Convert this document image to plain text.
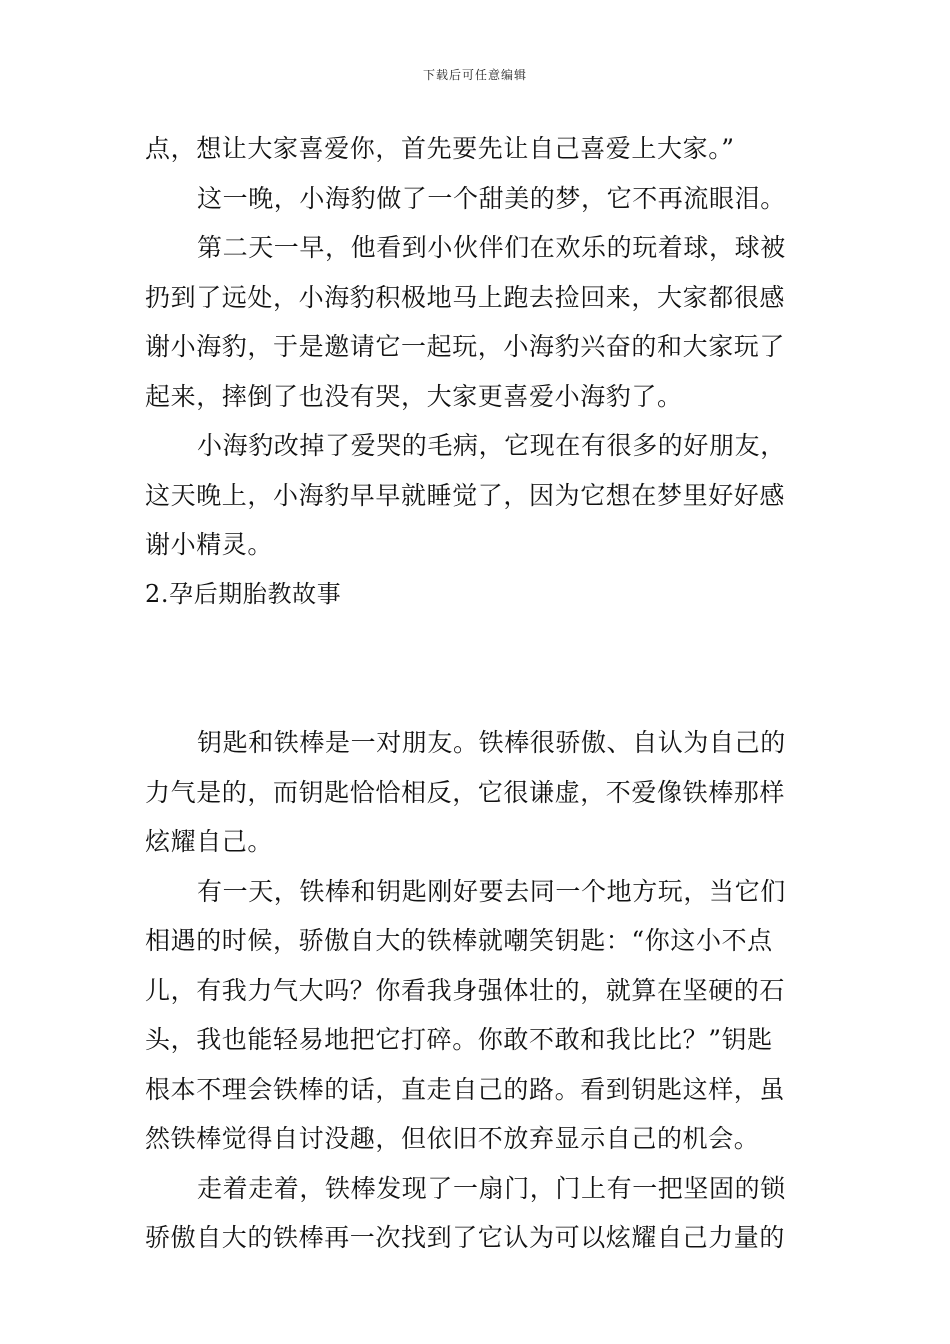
下载后可任意编辑
点，想让大家喜爱你，首先要先让自己喜爱上大家。”
这一晚，小海豹做了一个甜美的梦，它不再流眼泪。
第二天一早，他看到小伙伴们在欢乐的玩着球，球被
扔到了远处，小海豹积极地马上跑去捡回来，大家都很感
谢小海豹，于是邀请它一起玩，小海豹兴奋的和大家玩了
起来，摔倒了也没有哭，大家更喜爱小海豹了。
小海豹改掉了爱哭的毛病，它现在有很多的好朋友，
这天晚上，小海豹早早就睡觉了，因为它想在梦里好好感
谢小精灵。
2.孕后期胎教故事
钥匙和铁棒是一对朋友。铁棒很骄傲、自认为自己的
力气是的，而钥匙恰恰相反，它很谦虚，不爱像铁棒那样
炫耀自己。
有一天，铁棒和钥匙刚好要去同一个地方玩，当它们
相遇的时候，骄傲自大的铁棒就嘲笑钥匙：“你这小不点
儿，有我力气大吗？你看我身强体壮的，就算在坚硬的石
头，我也能轻易地把它打碎。你敢不敢和我比比？”钥匙
根本不理会铁棒的话，直走自己的路。看到钥匙这样，虽
然铁棒觉得自讨没趣，但依旧不放弃显示自己的机会。
走着走着，铁棒发现了一扇门，门上有一把坚固的锁
骄傲自大的铁棒再一次找到了它认为可以炫耀自己力量的
